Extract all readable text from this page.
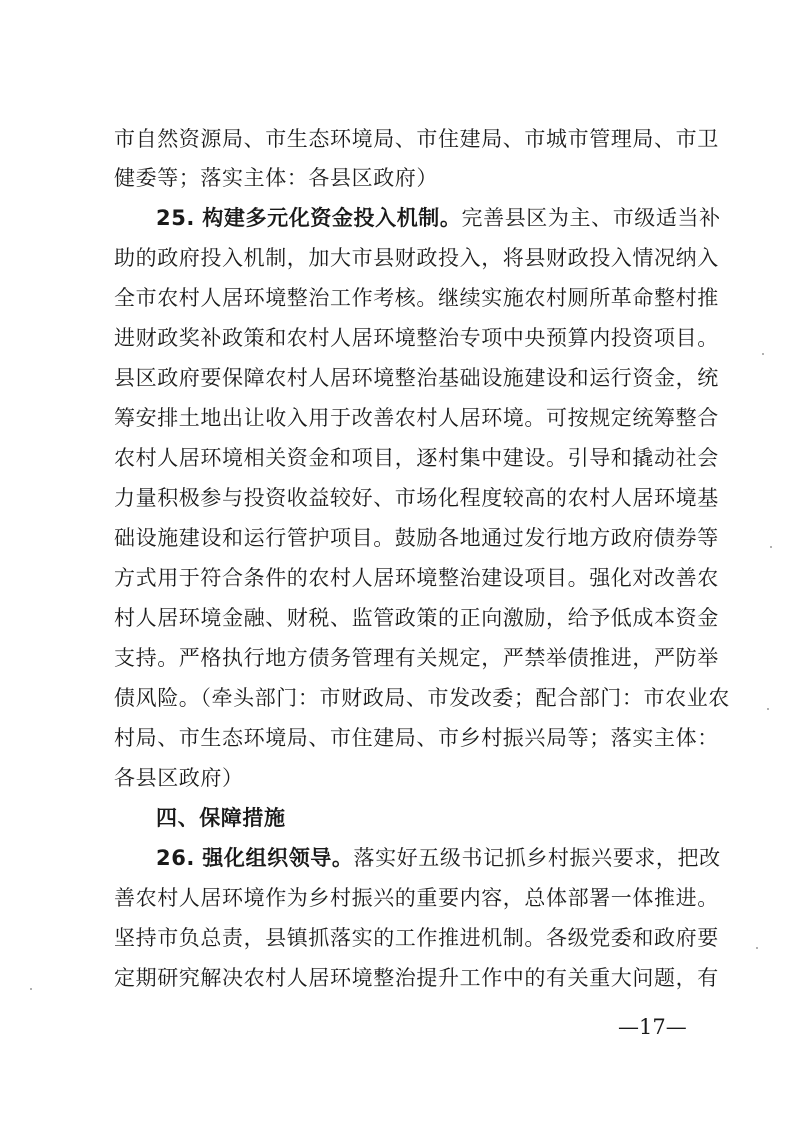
市自然资源局、市生态环境局、市住建局、市城市管理局、市卫
健委等；落实主体：各县区政府）
25. 构建多元化资金投入机制。完善县区为主、市级适当补
助的政府投入机制，加大市县财政投入，将县财政投入情况纳入
全市农村人居环境整治工作考核。继续实施农村厕所革命整村推
进财政奖补政策和农村人居环境整治专项中央预算内投资项目。
县区政府要保障农村人居环境整治基础设施建设和运行资金，统
筹安排土地出让收入用于改善农村人居环境。可按规定统筹整合
农村人居环境相关资金和项目，逐村集中建设。引导和撬动社会
力量积极参与投资收益较好、市场化程度较高的农村人居环境基
础设施建设和运行管护项目。鼓励各地通过发行地方政府债券等
方式用于符合条件的农村人居环境整治建设项目。强化对改善农
村人居环境金融、财税、监管政策的正向激励，给予低成本资金
支持。严格执行地方债务管理有关规定，严禁举债推进，严防举
债风险。（牵头部门：市财政局、市发改委；配合部门：市农业农
村局、市生态环境局、市住建局、市乡村振兴局等；落实主体：
各县区政府）
四、保障措施
26. 强化组织领导。落实好五级书记抓乡村振兴要求，把改
善农村人居环境作为乡村振兴的重要内容，总体部署一体推进。
坚持市负总责，县镇抓落实的工作推进机制。各级党委和政府要
定期研究解决农村人居环境整治提升工作中的有关重大问题，有
—17—
